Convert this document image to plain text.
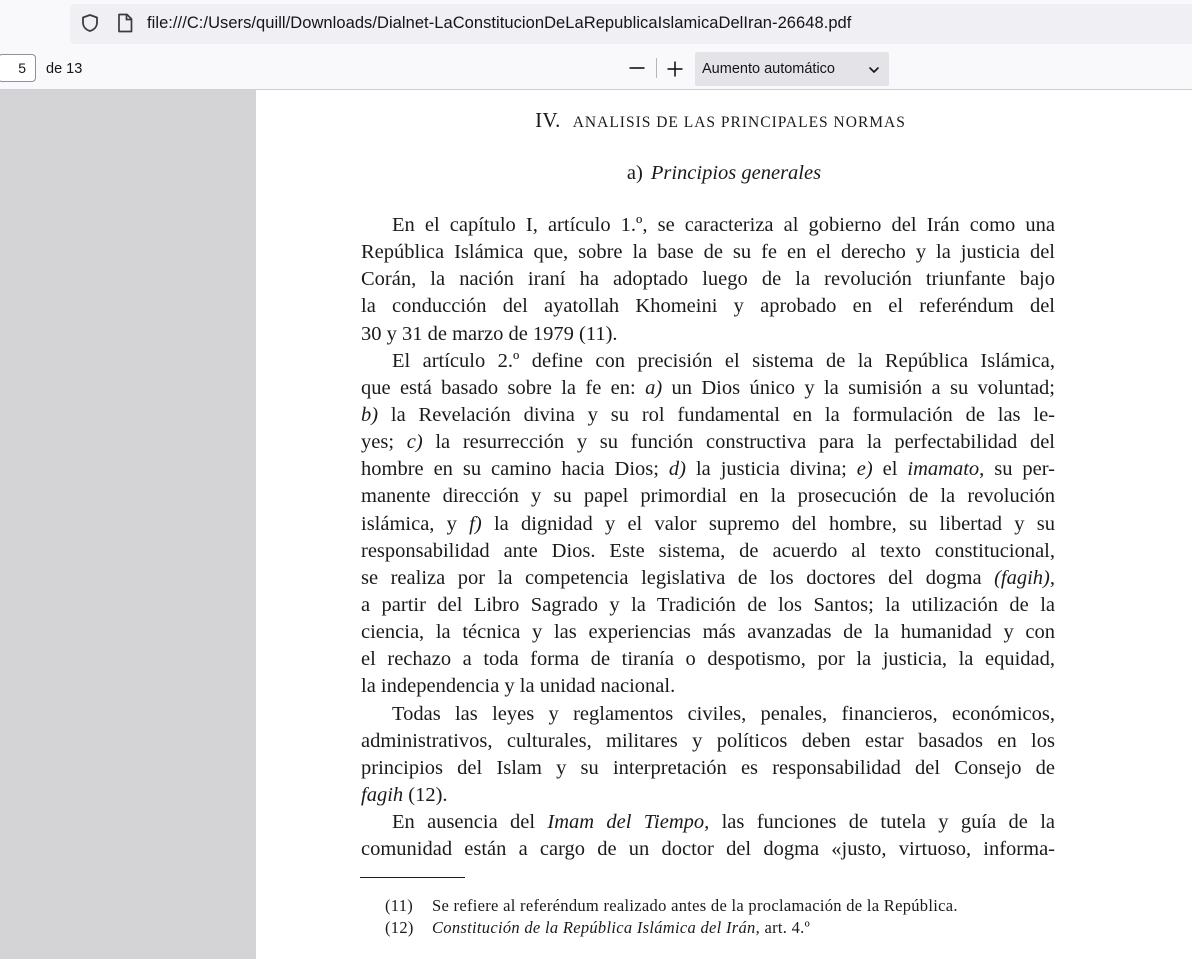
file:///C:/Users/quill/Downloads/Dialnet-LaConstitucionDeLaRepublicaIslamicaDelIran-26648.pdf
5
de 13	Aumento automático
IV. ANALISIS DE LAS PRINCIPALES NORMAS
a) Principios generales
En el capítulo I, artículo 1.º, se caracteriza al gobierno del Irán como una
República Islámica que, sobre la base de su fe en el derecho y la justicia del
Corán, la nación iraní ha adoptado luego de la revolución triunfante bajo
la conducción del ayatollah Khomeini y aprobado en el referéndum del
30 y 31 de marzo de 1979 (11).
El artículo 2.º define con precisión el sistema de la República Islámica,
que está basado sobre la fe en: a) un Dios único y la sumisión a su voluntad;
b) la Revelación divina y su rol fundamental en la formulación de las le-
yes; c) la resurrección y su función constructiva para la perfectabilidad del
hombre en su camino hacia Dios; d) la justicia divina; e) el imamato, su per-
manente dirección y su papel primordial en la prosecución de la revolución
islámica, y f) la dignidad y el valor supremo del hombre, su libertad y su
responsabilidad ante Dios. Este sistema, de acuerdo al texto constitucional,
se realiza por la competencia legislativa de los doctores del dogma (fagih),
a partir del Libro Sagrado y la Tradición de los Santos; la utilización de la
ciencia, la técnica y las experiencias más avanzadas de la humanidad y con
el rechazo a toda forma de tiranía o despotismo, por la justicia, la equidad,
la independencia y la unidad nacional.
Todas las leyes y reglamentos civiles, penales, financieros, económicos,
administrativos, culturales, militares y políticos deben estar basados en los
principios del Islam y su interpretación es responsabilidad del Consejo de
fagih (12).
En ausencia del Imam del Tiempo, las funciones de tutela y guía de la
comunidad están a cargo de un doctor del dogma «justo, virtuoso, informa-
(11) Se refiere al referéndum realizado antes de la proclamación de la República.
(12) Constitución de la República Islámica del Irán, art. 4.º
